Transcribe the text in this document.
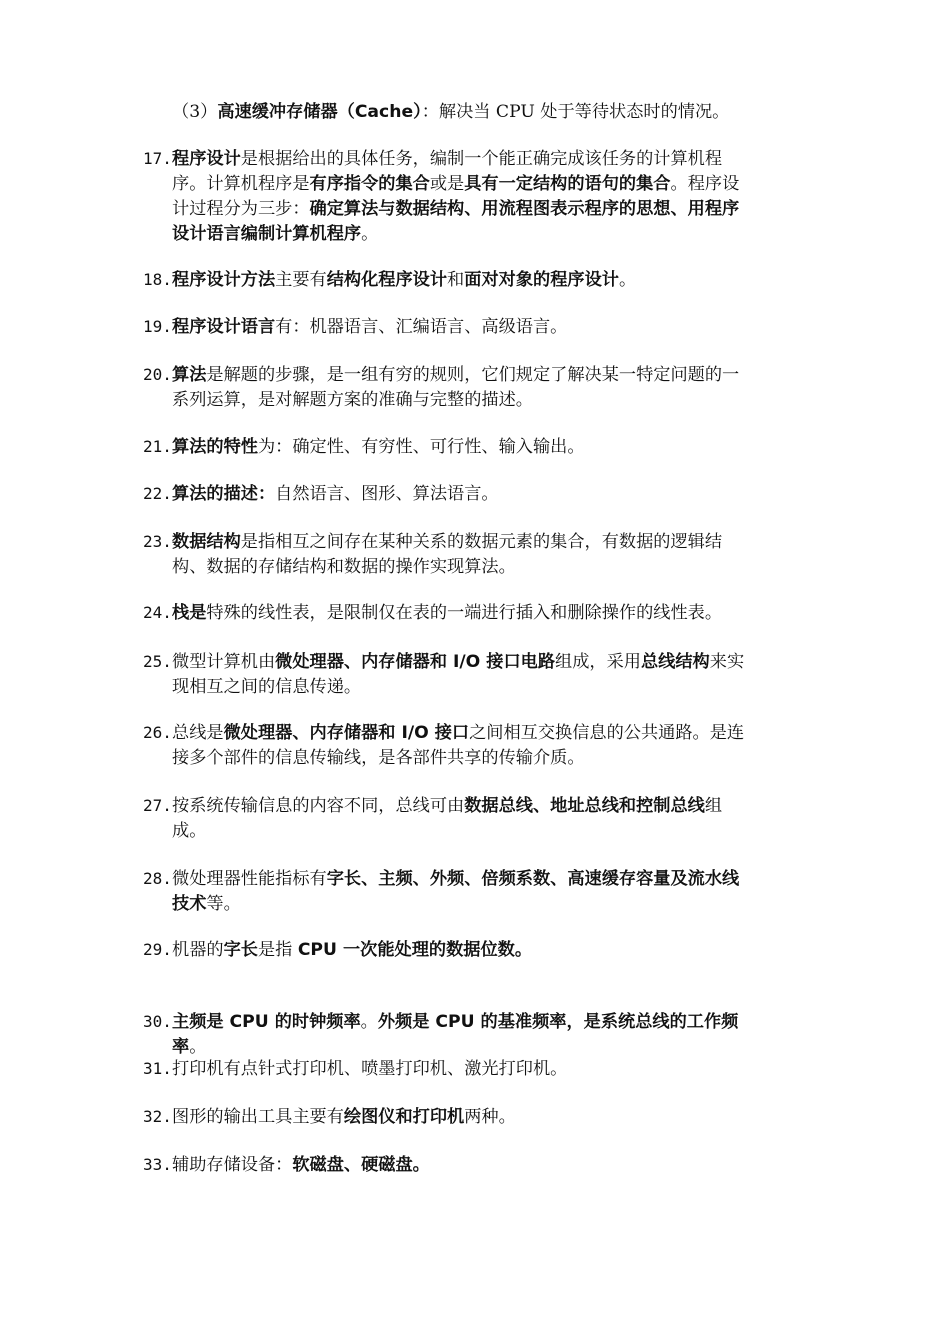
（3）高速缓冲存储器（Cache）：解决当 CPU 处于等待状态时的情况。
17. 程序设计是根据给出的具体任务，编制一个能正确完成该任务的计算机程
序。计算机程序是有序指令的集合或是具有一定结构的语句的集合。程序设
计过程分为三步：确定算法与数据结构、用流程图表示程序的思想、用程序
设计语言编制计算机程序。
18. 程序设计方法主要有结构化程序设计和面对对象的程序设计。
19. 程序设计语言有：机器语言、汇编语言、高级语言。
20. 算法是解题的步骤，是一组有穷的规则，它们规定了解决某一特定问题的一
系列运算，是对解题方案的准确与完整的描述。
21. 算法的特性为：确定性、有穷性、可行性、输入输出。
22. 算法的描述：自然语言、图形、算法语言。
23. 数据结构是指相互之间存在某种关系的数据元素的集合，有数据的逻辑结
构、数据的存储结构和数据的操作实现算法。
24. 栈是特殊的线性表，是限制仅在表的一端进行插入和删除操作的线性表。
25. 微型计算机由微处理器、内存储器和 I/O 接口电路组成，采用总线结构来实
现相互之间的信息传递。
26. 总线是微处理器、内存储器和 I/O 接口之间相互交换信息的公共通路。是连
接多个部件的信息传输线，是各部件共享的传输介质。
27. 按系统传输信息的内容不同，总线可由数据总线、地址总线和控制总线组
成。
28. 微处理器性能指标有字长、主频、外频、倍频系数、高速缓存容量及流水线
技术等。
29. 机器的字长是指 CPU 一次能处理的数据位数。
30. 主频是 CPU 的时钟频率。外频是 CPU 的基准频率，是系统总线的工作频
率。
31. 打印机有点针式打印机、喷墨打印机、激光打印机。
32. 图形的输出工具主要有绘图仪和打印机两种。
33. 辅助存储设备：软磁盘、硬磁盘。
